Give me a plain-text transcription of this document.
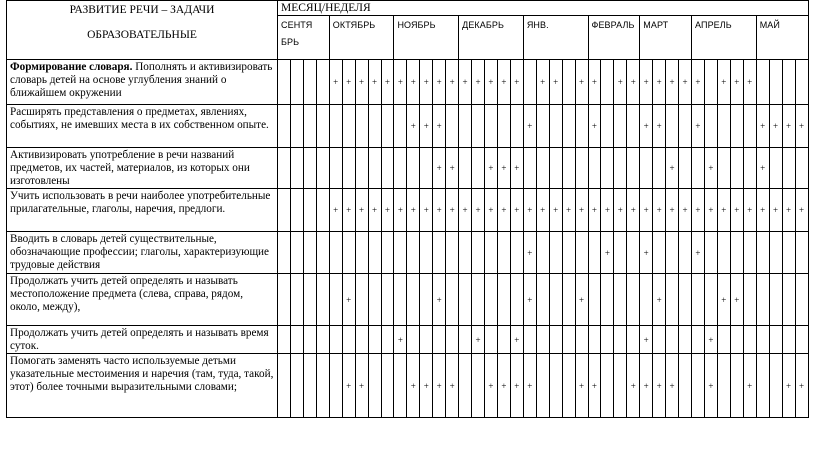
РАЗВИТИЕ РЕЧИ – ЗАДАЧИ
ОБРАЗОВАТЕЛЬНЫЕ	МЕСЯЦ/НЕДЕЛЯ																																								
	СЕНТЯ БРЬ				ОКТЯБРЬ					НОЯБРЬ					ДЕКАБРЬ					ЯНВ.					ФЕВРАЛЬ				МАРТ				АПРЕЛЬ					МАЙ			
Формирование словаря. Пополнять и активизировать словарь детей на основе углубления знаний о ближайшем окружении					+	+	+	+	+	+	+	+	+	+	+	+	+	+	+		+	+		+	+		+	+	+	+	+	+	+		+	+	+				
Расширять представления о предметах, явлениях, событиях, не имевших места в их собственном опыте.											+	+	+							+					+				+	+			+					+	+	+	+
Активизировать употребление в речи названий предметов, их частей, материалов, из которых они изготовлены													+	+			+	+	+												+			+				+			
Учить использовать в речи наиболее употребительные прилагательные, глаголы, наречия, предлоги.					+	+	+	+	+	+	+	+	+	+	+	+	+	+	+	+	+	+	+	+	+	+	+	+	+	+	+	+	+	+	+	+	+	+	+	+	+
Вводить в словарь детей существительные, обозначающие профессии; глаголы, характеризующие трудовые действия																				+						+			+				+								
Продолжать учить детей определять и называть местоположение предмета (слева, справа, рядом, около, между),						+							+							+				+						+					+	+					
Продолжать учить детей определять и называть время суток.										+						+			+										+					+							
Помогать заменять часто используемые детьми указательные местоимения и наречия (там, туда, такой, этот) более точными выразительными словами;						+	+				+	+	+	+			+	+	+	+				+	+			+	+	+	+			+			+			+	+
